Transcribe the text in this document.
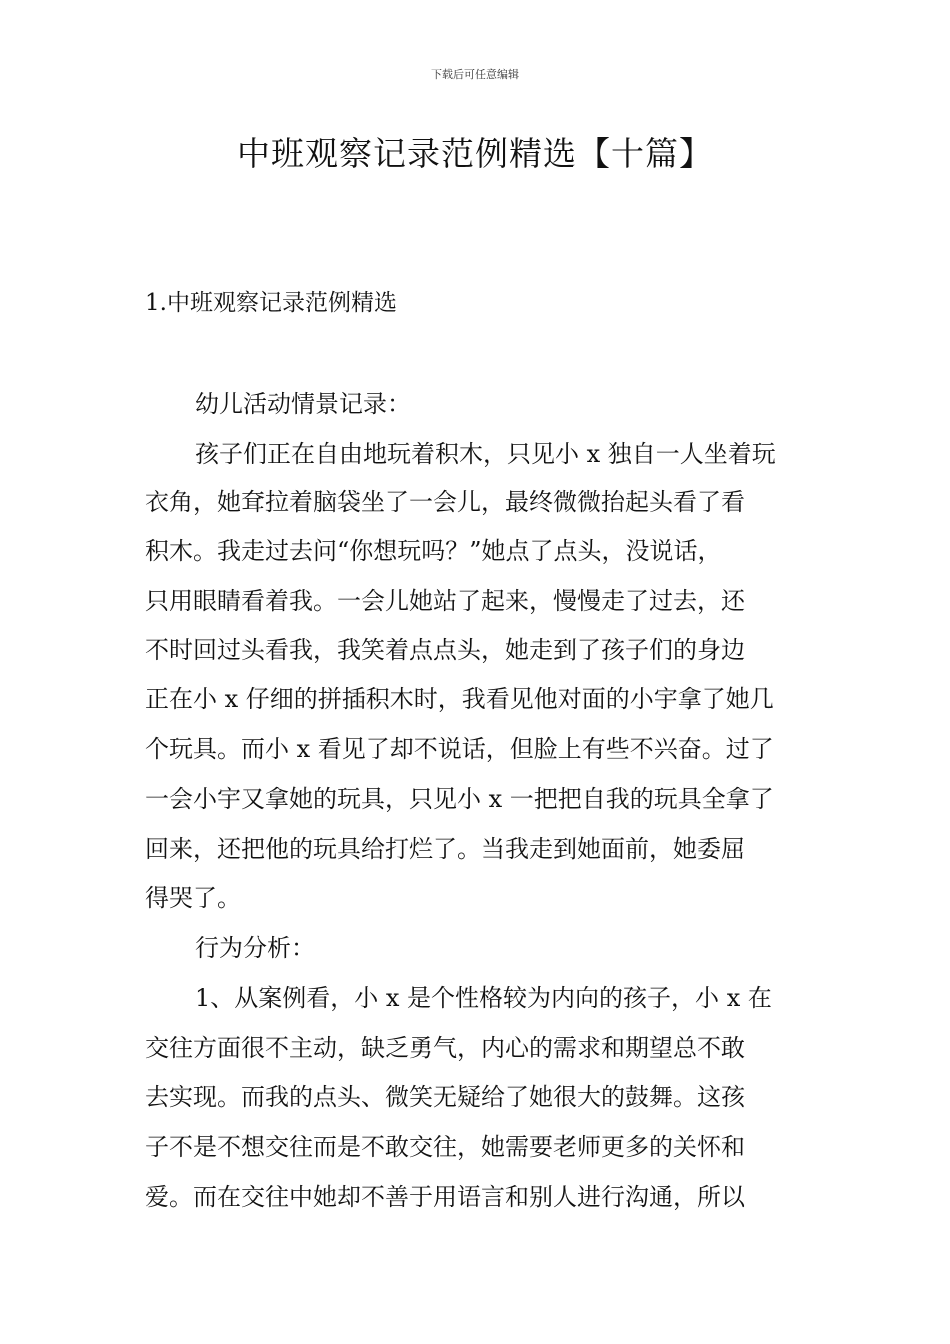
下载后可任意编辑
中班观察记录范例精选【十篇】
1.中班观察记录范例精选
幼儿活动情景记录：
孩子们正在自由地玩着积木，只见小 x 独自一人坐着玩
衣角，她耷拉着脑袋坐了一会儿，最终微微抬起头看了看
积木。我走过去问“你想玩吗？”她点了点头，没说话，
只用眼睛看着我。一会儿她站了起来，慢慢走了过去，还
不时回过头看我，我笑着点点头，她走到了孩子们的身边
正在小 x 仔细的拼插积木时，我看见他对面的小宇拿了她几
个玩具。而小 x 看见了却不说话，但脸上有些不兴奋。过了
一会小宇又拿她的玩具，只见小 x 一把把自我的玩具全拿了
回来，还把他的玩具给打烂了。当我走到她面前，她委屈
得哭了。
行为分析：
1、从案例看，小 x 是个性格较为内向的孩子，小 x 在
交往方面很不主动，缺乏勇气，内心的需求和期望总不敢
去实现。而我的点头、微笑无疑给了她很大的鼓舞。这孩
子不是不想交往而是不敢交往，她需要老师更多的关怀和
爱。而在交往中她却不善于用语言和别人进行沟通，所以
